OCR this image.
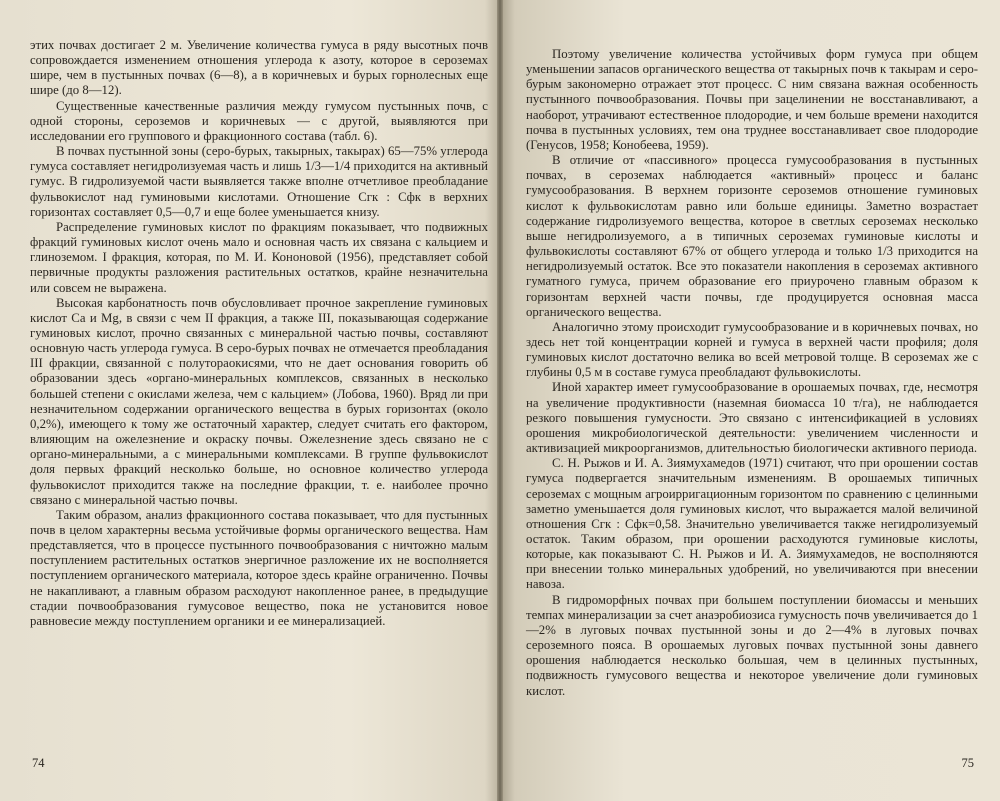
этих почвах достигает 2 м. Увеличение количества гумуса в ряду высотных почв сопровождается изменением отношения углерода к азоту, которое в сероземах шире, чем в пустынных почвах (6—8), а в коричневых и бурых горнолесных еще шире (до 8—12).

Существенные качественные различия между гумусом пустынных почв, с одной стороны, сероземов и коричневых — с другой, выявляются при исследовании его группового и фракционного состава (табл. 6).

В почвах пустынной зоны (серо-бурых, такырных, такырах) 65—75% углерода гумуса составляет негидролизуемая часть и лишь 1/3—1/4 приходится на активный гумус. В гидролизуемой части выявляется также вполне отчетливое преобладание фульвокислот над гуминовыми кислотами. Отношение Сгк : Сфк в верхних горизонтах составляет 0,5—0,7 и еще более уменьшается книзу.

Распределение гуминовых кислот по фракциям показывает, что подвижных фракций гуминовых кислот очень мало и основная часть их связана с кальцием и глиноземом. I фракция, которая, по М. И. Кононовой (1956), представляет собой первичные продукты разложения растительных остатков, крайне незначительна или совсем не выражена.

Высокая карбонатность почв обусловливает прочное закрепление гуминовых кислот Са и Mg, в связи с чем II фракция, а также III, показывающая содержание гуминовых кислот, прочно связанных с минеральной частью почвы, составляют основную часть углерода гумуса. В серо-бурых почвах не отмечается преобладания III фракции, связанной с полуторaокисями, что не дает основания говорить об образовании здесь «органо-минеральных комплексов, связанных в несколько большей степени с окислами железа, чем с кальцием» (Лобова, 1960). Вряд ли при незначительном содержании органического вещества в бурых горизонтах (около 0,2%), имеющего к тому же остаточный характер, следует считать его фактором, влияющим на ожелезнение и окраску почвы. Ожелезнение здесь связано не с органо-минеральными, а с минеральными комплексами. В группе фульвокислот доля первых фракций несколько больше, но основное количество углерода фульвокислот приходится также на последние фракции, т. е. наиболее прочно связано с минеральной частью почвы.

Таким образом, анализ фракционного состава показывает, что для пустынных почв в целом характерны весьма устойчивые формы органического вещества. Нам представляется, что в процессе пустынного почвообразования с ничтожно малым поступлением растительных остатков энергичное разложение их не восполняется поступлением органического материала, которое здесь крайне ограниченно. Почвы не накапливают, а главным образом расходуют накопленное ранее, в предыдущие стадии почвообразования гумусовое вещество, пока не установится новое равновесие между поступлением органики и ее минерализацией.

74

Поэтому увеличение количества устойчивых форм гумуса при общем уменьшении запасов органического вещества от такырных почв к такырам и серо-бурым закономерно отражает этот процесс. С ним связана важная особенность пустынного почвообразования. Почвы при зацелинении не восстанавливают, а наоборот, утрачивают естественное плодородие, и чем больше времени находится почва в пустынных условиях, тем она труднее восстанавливает свое плодородие (Генусов, 1958; Конобеева, 1959).

В отличие от «пассивного» процесса гумусообразования в пустынных почвах, в сероземах наблюдается «активный» процесс и баланс гумусообразования. В верхнем горизонте сероземов отношение гуминовых кислот к фульвокислотам равно или больше единицы. Заметно возрастает содержание гидролизуемого вещества, которое в светлых сероземах несколько выше негидролизуемого, а в типичных сероземах гуминовые кислоты и фульвокислоты составляют 67% от общего углерода и только 1/3 приходится на негидролизуемый остаток. Все это показатели накопления в сероземах активного гуматного гумуса, причем образование его приурочено главным образом к горизонтам верхней части почвы, где продуцируется основная масса органического вещества.

Аналогично этому происходит гумусообразование и в коричневых почвах, но здесь нет той концентрации корней и гумуса в верхней части профиля; доля гуминовых кислот достаточно велика во всей метровой толще. В сероземах же с глубины 0,5 м в составе гумуса преобладают фульвокислоты.

Иной характер имеет гумусообразование в орошаемых почвах, где, несмотря на увеличение продуктивности (наземная биомасса 10 т/га), не наблюдается резкого повышения гумусности. Это связано с интенсификацией в условиях орошения микробиологической деятельности: увеличением численности и активизацией микроорганизмов, длительностью биологически активного периода.

С. Н. Рыжов и И. А. Зиямухамедов (1971) считают, что при орошении состав гумуса подвергается значительным изменениям. В орошаемых типичных сероземах с мощным агроирригационным горизонтом по сравнению с целинными заметно уменьшается доля гуминовых кислот, что выражается малой величиной отношения Сгк : Сфк=0,58. Значительно увеличивается также негидролизуемый остаток. Таким образом, при орошении расходуются гуминовые кислоты, которые, как показывают С. Н. Рыжов и И. А. Зиямухамедов, не восполняются при внесении только минеральных удобрений, но увеличиваются при внесении навоза.

В гидроморфных почвах при большем поступлении биомассы и меньших темпах минерализации за счет анаэробиозиса гумусность почв увеличивается до 1—2% в луговых почвах пустынной зоны и до 2—4% в луговых почвах сероземного пояса. В орошаемых луговых почвах пустынной зоны давнего орошения наблюдается несколько большая, чем в целинных пустынных, подвижность гумусового вещества и некоторое увеличение доли гуминовых кислот.

75
